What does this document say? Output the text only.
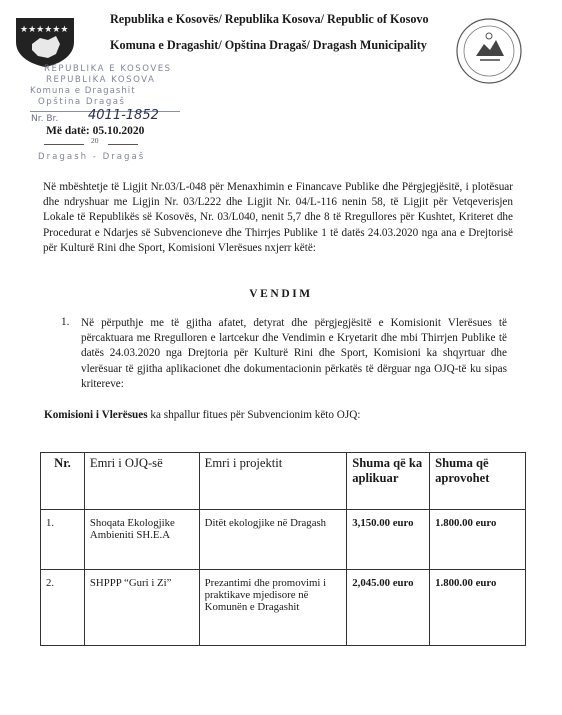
★★★★★★
Republika e Kosovës/ Republika Kosova/ Republic of Kosovo
Komuna e Dragashit/ Opština Dragaš/ Dragash Municipality
REPUBLIKA E KOSOVES
REPUBLIKA KOSOVA
Komuna e Dragashit
Opština Dragaš
Nr. Br. 4011-1852
Më datë: 05.10.2020
20
Dragash - Dragaš
Në mbështetje të Ligjit Nr.03/L-048 për Menaxhimin e Financave Publike dhe Përgjegjësitë, i plotësuar dhe ndryshuar me Ligjin Nr. 03/L222 dhe Ligjit Nr. 04/L-116 nenin 58, të Ligjit për Vetqeverisjen Lokale të Republikës së Kosovës, Nr. 03/L040, nenit 5,7 dhe 8 të Rregullores për Kushtet, Kriteret dhe Procedurat e Ndarjes së Subvencioneve dhe Thirrjes Publike 1 të datës 24.03.2020 nga ana e Drejtorisë për Kulturë Rini dhe Sport, Komisioni Vlerësues nxjerr këtë:
VENDIM
1. Në përputhje me të gjitha afatet, detyrat dhe përgjegjësitë e Komisionit Vlerësues të përcaktuara me Rregulloren e lartcekur dhe Vendimin e Kryetarit dhe mbi Thirrjen Publike të datës 24.03.2020 nga Drejtoria për Kulturë Rini dhe Sport, Komisioni ka shqyrtuar dhe vlerësuar të gjitha aplikacionet dhe dokumentacionin përkatës të dërguar nga OJQ-të ku sipas kritereve:
Komisioni i Vlerësues ka shpallur fitues për Subvencionim këto OJQ:
Nr.	Emri i OJQ-së	Emri i projektit	Shuma që ka aplikuar	Shuma që aprovohet
1.	Shoqata Ekologjike Ambieniti SH.E.A	Ditët ekologjike në Dragash	3,150.00 euro	1.800.00 euro
2.	SHPPP “Guri i Zi”	Prezantimi dhe promovimi i praktikave mjedisore në Komunën e Dragashit	2,045.00 euro	1.800.00 euro
